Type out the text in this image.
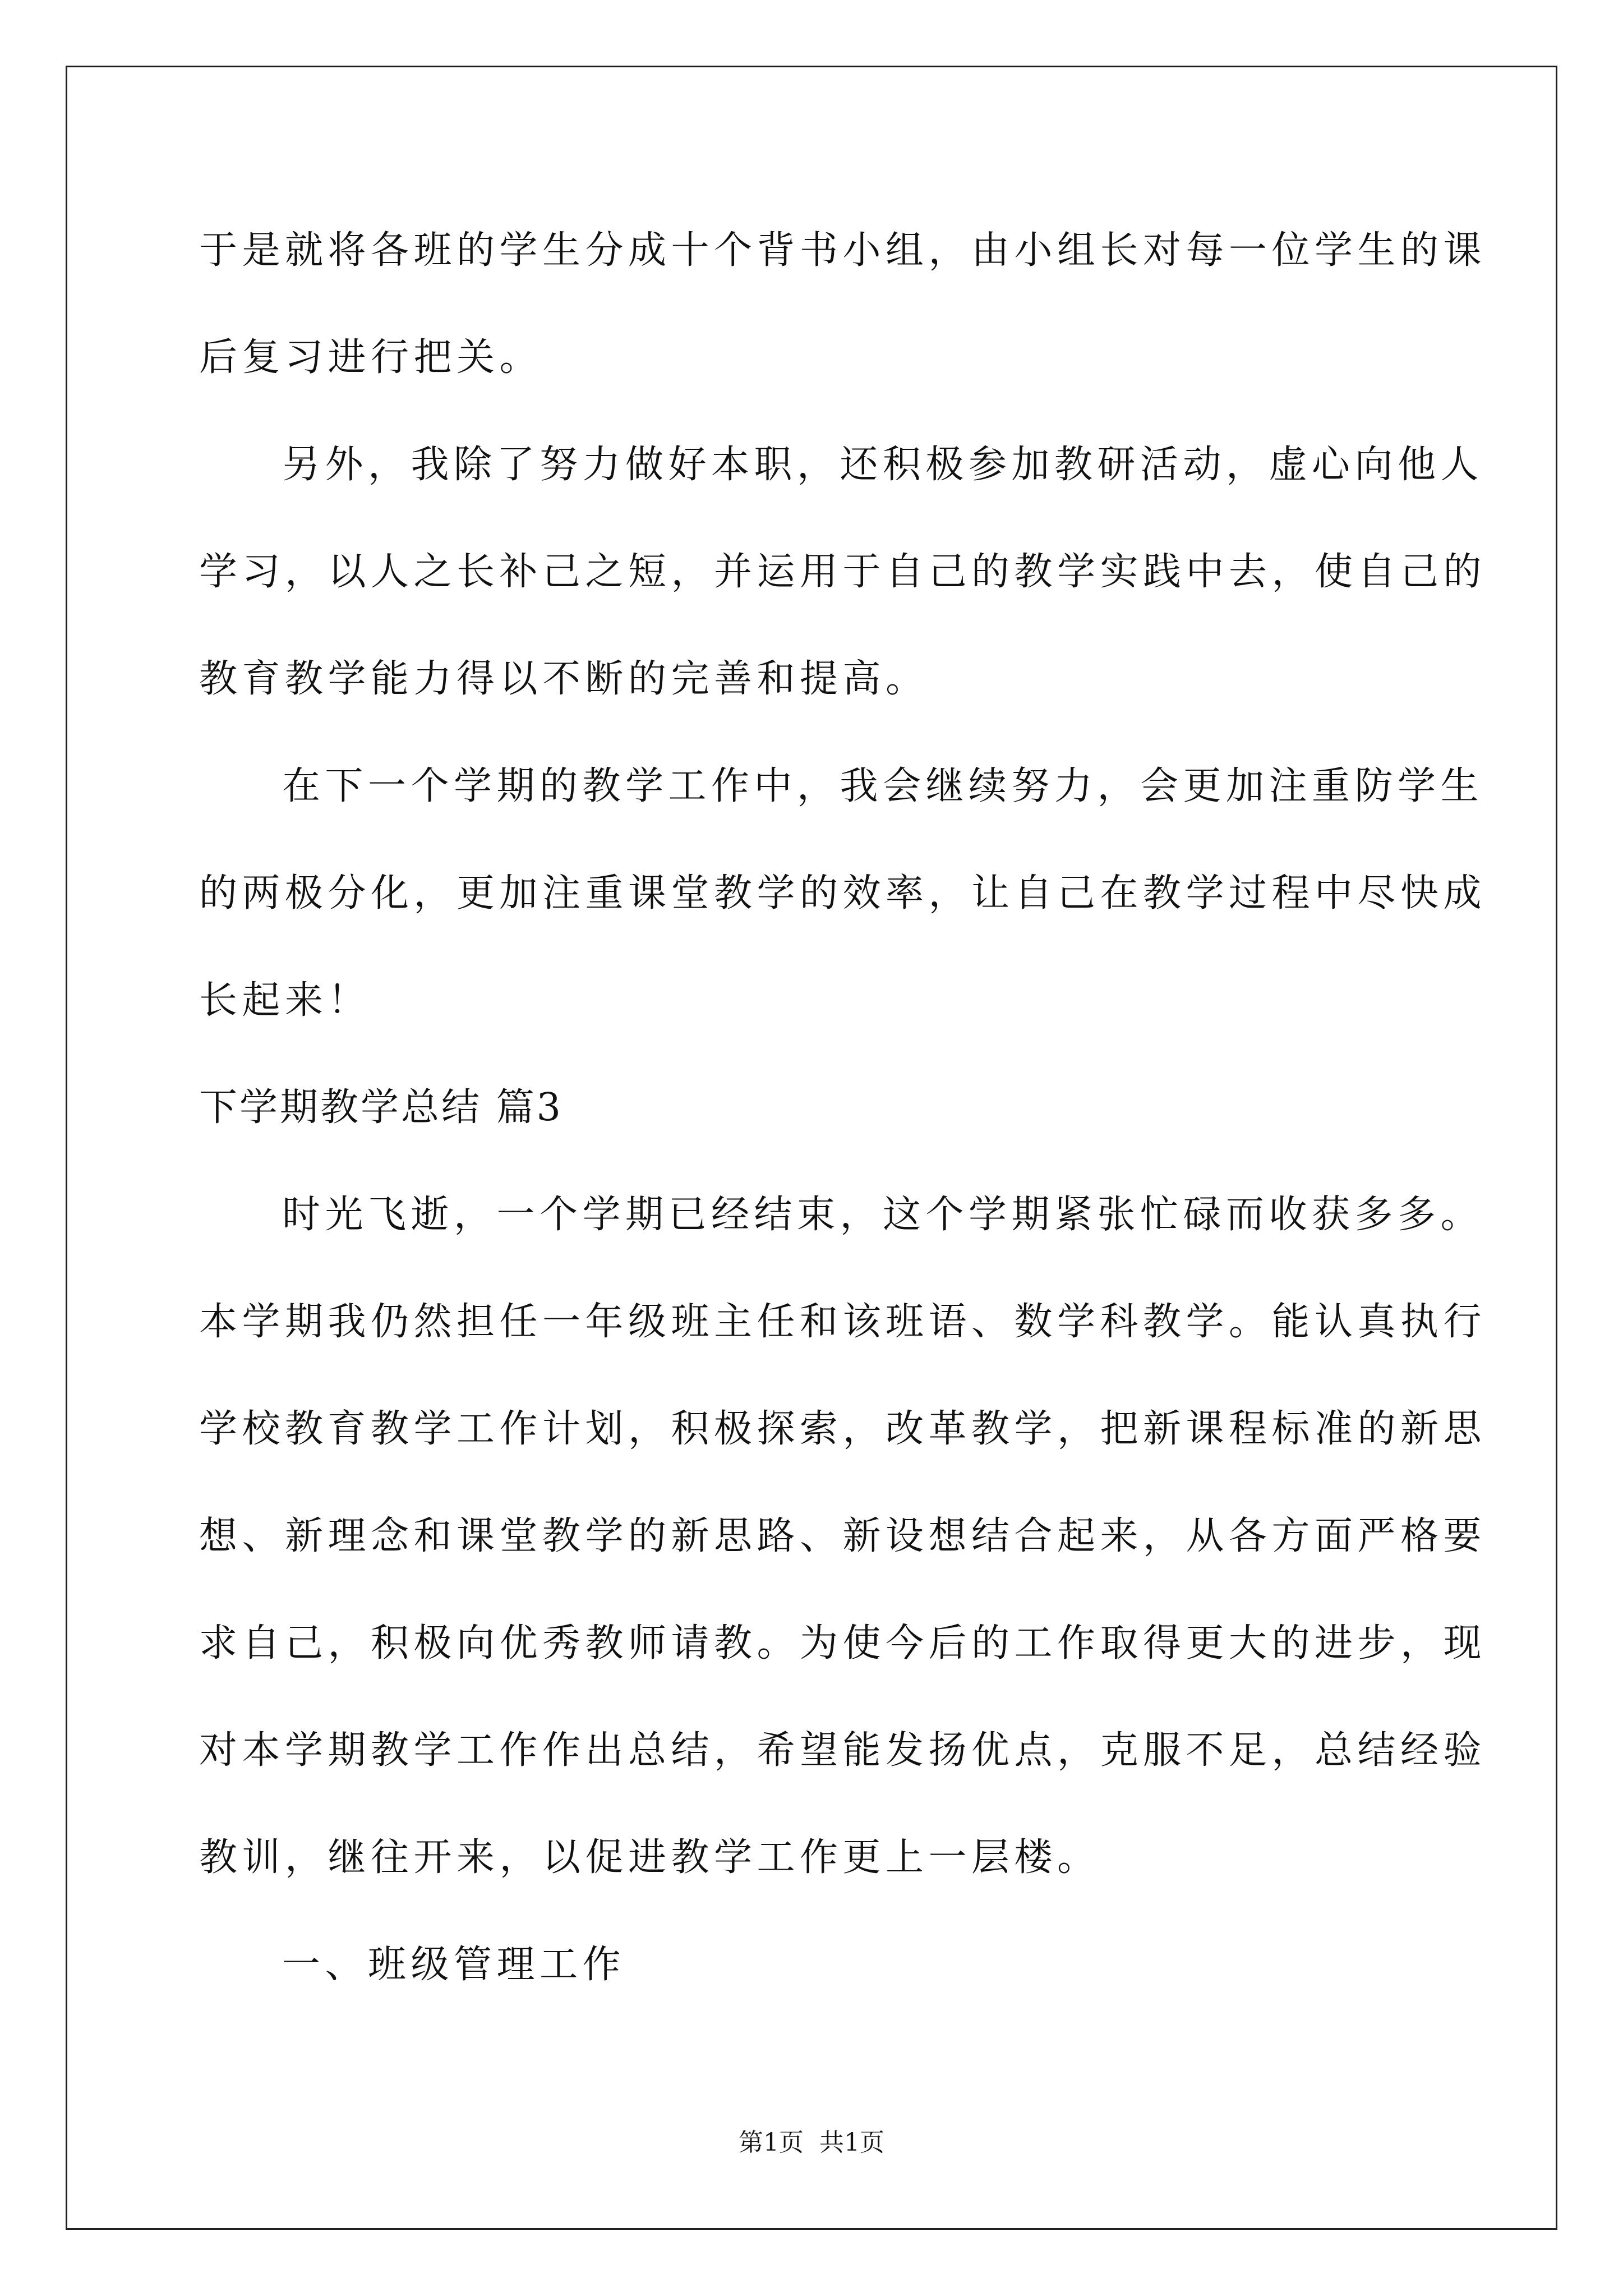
于是就将各班的学生分成十个背书小组，由小组长对每一位学生的课
后复习进行把关。
另外，我除了努力做好本职，还积极参加教研活动，虚心向他人
学习，以人之长补己之短，并运用于自己的教学实践中去，使自己的
教育教学能力得以不断的完善和提高。
在下一个学期的教学工作中，我会继续努力，会更加注重防学生
的两极分化，更加注重课堂教学的效率，让自己在教学过程中尽快成
长起来！
下学期教学总结 篇3
时光飞逝，一个学期已经结束，这个学期紧张忙碌而收获多多。
本学期我仍然担任一年级班主任和该班语、数学科教学。能认真执行
学校教育教学工作计划，积极探索，改革教学，把新课程标准的新思
想、新理念和课堂教学的新思路、新设想结合起来，从各方面严格要
求自己，积极向优秀教师请教。为使今后的工作取得更大的进步，现
对本学期教学工作作出总结，希望能发扬优点，克服不足，总结经验
教训，继往开来，以促进教学工作更上一层楼。
一、班级管理工作
第1页  共1页
